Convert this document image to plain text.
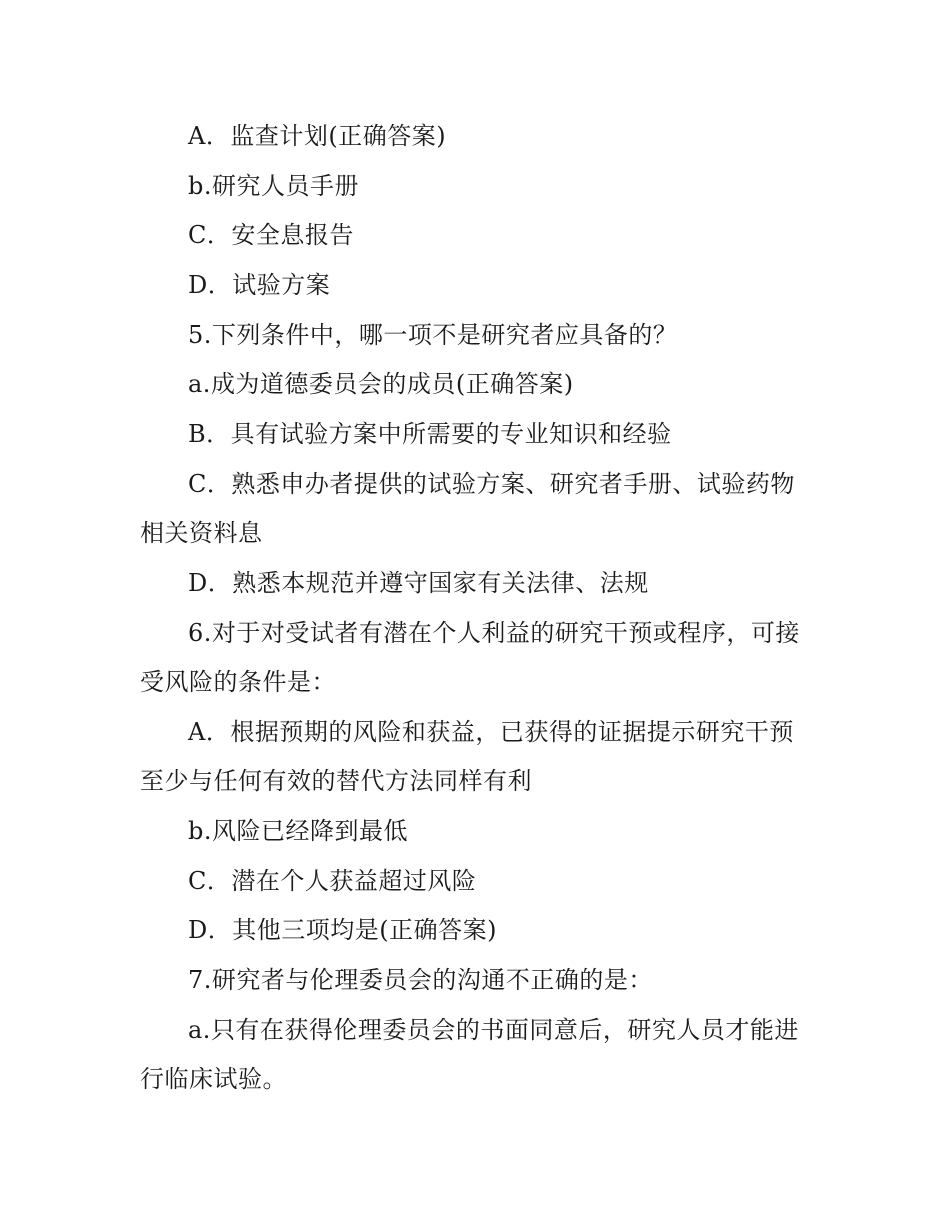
A．监查计划(正确答案)
b.研究人员手册
C．安全息报告
D．试验方案
5.下列条件中，哪一项不是研究者应具备的？
a.成为道德委员会的成员(正确答案)
B．具有试验方案中所需要的专业知识和经验
C．熟悉申办者提供的试验方案、研究者手册、试验药物
相关资料息
D．熟悉本规范并遵守国家有关法律、法规
6.对于对受试者有潜在个人利益的研究干预或程序，可接
受风险的条件是：
A．根据预期的风险和获益，已获得的证据提示研究干预
至少与任何有效的替代方法同样有利
b.风险已经降到最低
C．潜在个人获益超过风险
D．其他三项均是(正确答案)
7.研究者与伦理委员会的沟通不正确的是：
a.只有在获得伦理委员会的书面同意后，研究人员才能进
行临床试验。
